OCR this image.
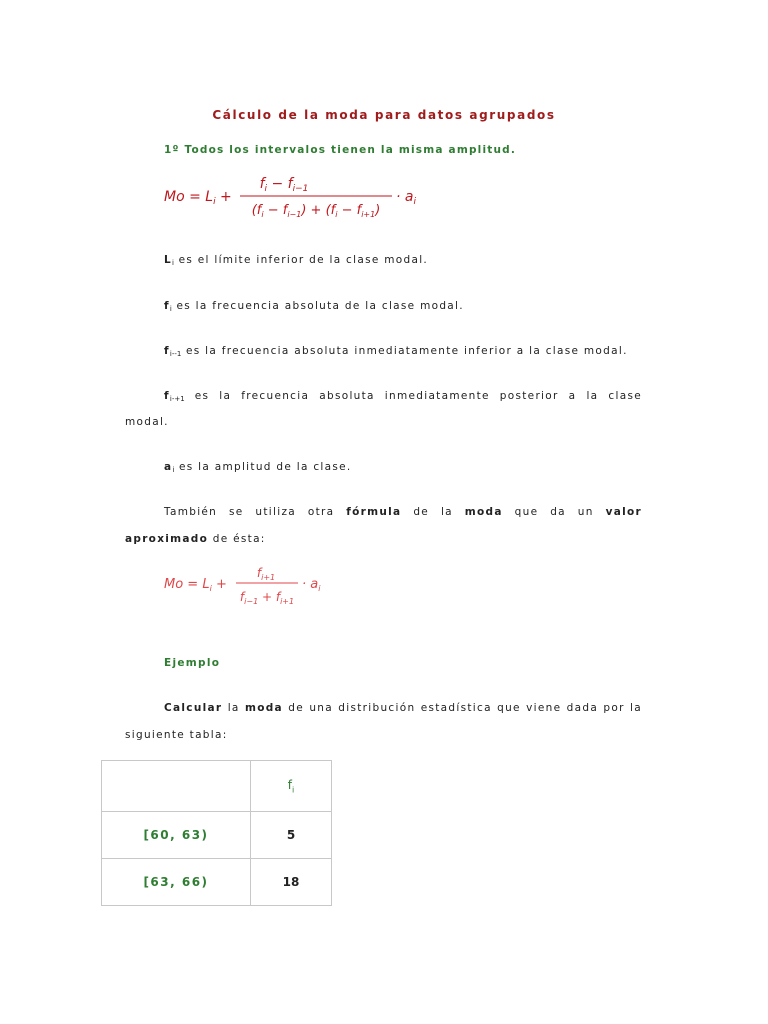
Cálculo de la moda para datos agrupados
1º Todos los intervalos tienen la misma amplitud.
$Mo = L_i$ +
$f_i - f_{i-1}$
$(f_i - f_{i-1}) + (f_i - f_{i+1})$
· $a_i$
$L_i$ es el límite inferior de la clase modal.
$f_i$ es la frecuencia absoluta de la clase modal.
$f_{i--1}$ es la frecuencia absoluta inmediatamente inferior a la clase modal.
$f_{i-+1}$ es la frecuencia absoluta inmediatamente posterior a la clase
modal.
$a_i$ es la amplitud de la clase.
También se utiliza otra fórmula de la moda que da un valor
aproximado de ésta:
$Mo = L_i$ +
$f_{i+1}$
$f_{i-1} + f_{i+1}$
· $a_i$
Ejemplo
Calcular la moda de una distribución estadística que viene dada por la
siguiente tabla:
	$f_i$
[60, 63)	5
[63, 66)	18
